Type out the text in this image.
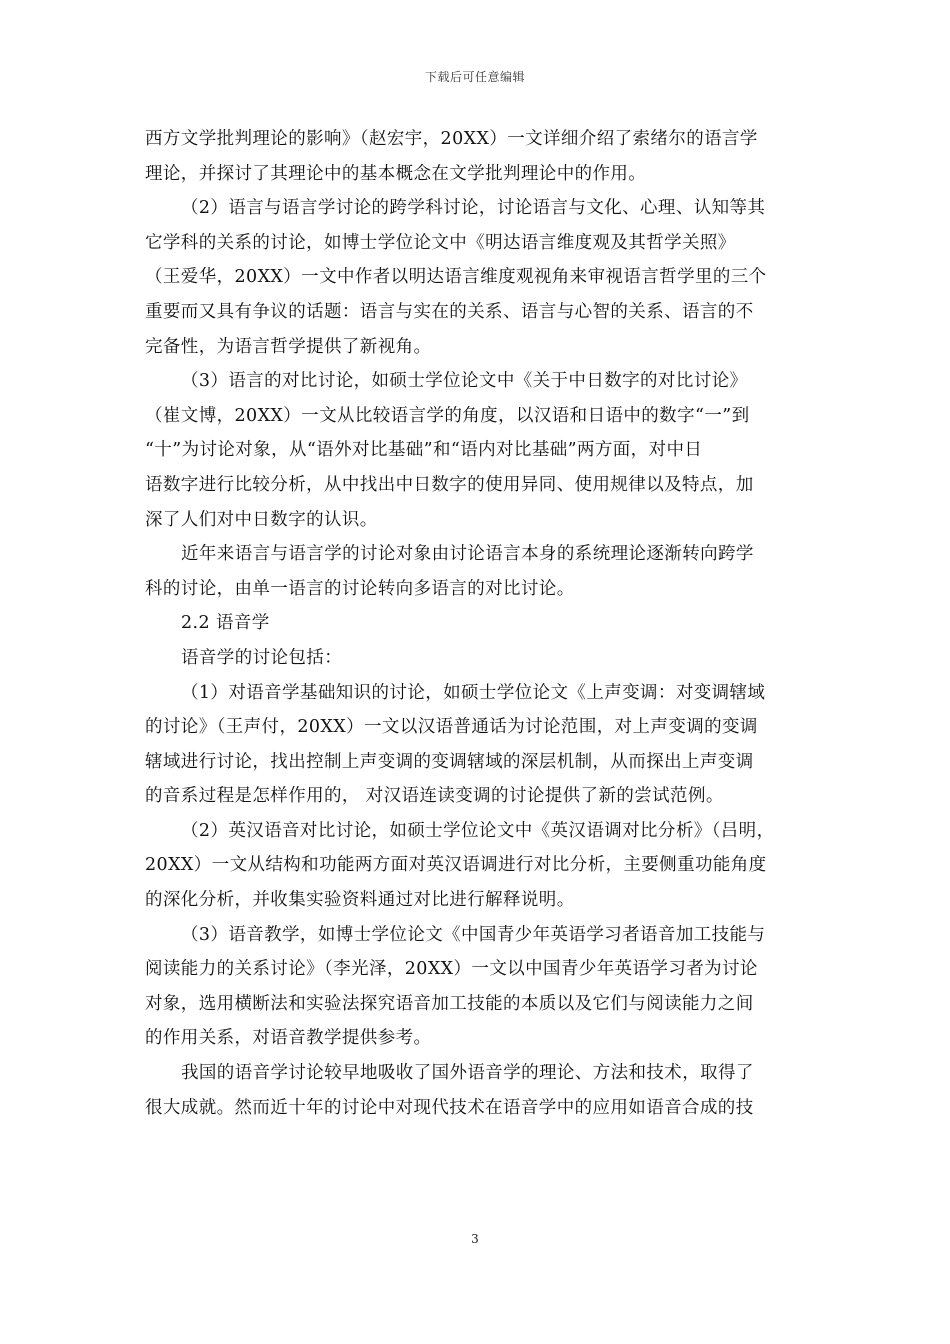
下载后可任意编辑
西方文学批判理论的影响》（赵宏宇，20XX）一文详细介绍了索绪尔的语言学
理论，并探讨了其理论中的基本概念在文学批判理论中的作用。
（2）语言与语言学讨论的跨学科讨论，讨论语言与文化、心理、认知等其
它学科的关系的讨论，如博士学位论文中《明达语言维度观及其哲学关照》
（王爱华，20XX）一文中作者以明达语言维度观视角来审视语言哲学里的三个
重要而又具有争议的话题：语言与实在的关系、语言与心智的关系、语言的不
完备性，为语言哲学提供了新视角。
（3）语言的对比讨论，如硕士学位论文中《关于中日数字的对比讨论》
（崔文博，20XX）一文从比较语言学的角度，以汉语和日语中的数字“一”到
“十”为讨论对象，从“语外对比基础”和“语内对比基础”两方面，对中日
语数字进行比较分析，从中找出中日数字的使用异同、使用规律以及特点，加
深了人们对中日数字的认识。
近年来语言与语言学的讨论对象由讨论语言本身的系统理论逐渐转向跨学
科的讨论，由单一语言的讨论转向多语言的对比讨论。
2.2 语音学
语音学的讨论包括：
（1）对语音学基础知识的讨论，如硕士学位论文《上声变调：对变调辖域
的讨论》（王声付，20XX）一文以汉语普通话为讨论范围，对上声变调的变调
辖域进行讨论，找出控制上声变调的变调辖域的深层机制，从而探出上声变调
的音系过程是怎样作用的， 对汉语连读变调的讨论提供了新的尝试范例。
（2）英汉语音对比讨论，如硕士学位论文中《英汉语调对比分析》（吕明，
20XX）一文从结构和功能两方面对英汉语调进行对比分析，主要侧重功能角度
的深化分析，并收集实验资料通过对比进行解释说明。
（3）语音教学，如博士学位论文《中国青少年英语学习者语音加工技能与
阅读能力的关系讨论》（李光泽，20XX）一文以中国青少年英语学习者为讨论
对象，选用横断法和实验法探究语音加工技能的本质以及它们与阅读能力之间
的作用关系，对语音教学提供参考。
我国的语音学讨论较早地吸收了国外语音学的理论、方法和技术，取得了
很大成就。然而近十年的讨论中对现代技术在语音学中的应用如语音合成的技
3
